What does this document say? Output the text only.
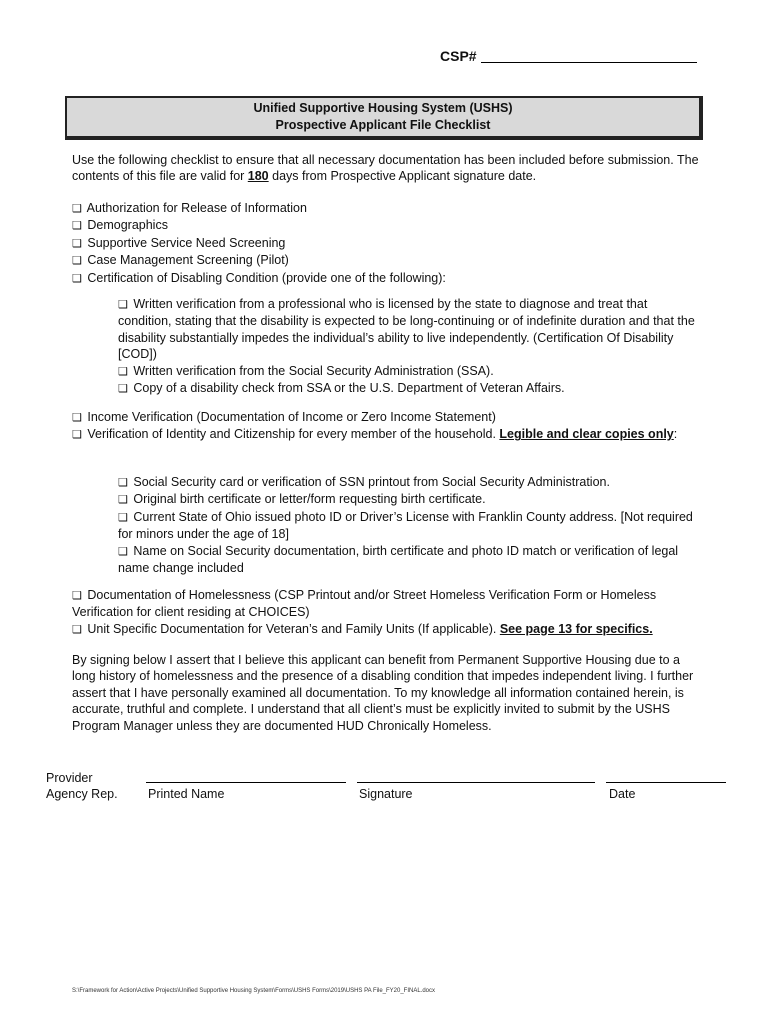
CSP#
Unified Supportive Housing System (USHS)
Prospective Applicant File Checklist

Use the following checklist to ensure that all necessary documentation has been included before submission. The contents of this file are valid for 180 days from Prospective Applicant signature date.

❑ Authorization for Release of Information
❑ Demographics
❑ Supportive Service Need Screening
❑ Case Management Screening (Pilot)
❑ Certification of Disabling Condition (provide one of the following):
❑ Written verification from a professional who is licensed by the state to diagnose and treat that condition, stating that the disability is expected to be long-continuing or of indefinite duration and that the disability substantially impedes the individual’s ability to live independently. (Certification Of Disability [COD])
❑ Written verification from the Social Security Administration (SSA).
❑ Copy of a disability check from SSA or the U.S. Department of Veteran Affairs.
❑ Income Verification (Documentation of Income or Zero Income Statement)
❑ Verification of Identity and Citizenship for every member of the household. Legible and clear copies only:
❑ Social Security card or verification of SSN printout from Social Security Administration.
❑ Original birth certificate or letter/form requesting birth certificate.
❑ Current State of Ohio issued photo ID or Driver’s License with Franklin County address. [Not required for minors under the age of 18]
❑ Name on Social Security documentation, birth certificate and photo ID match or verification of legal name change included
❑ Documentation of Homelessness (CSP Printout and/or Street Homeless Verification Form or Homeless Verification for client residing at CHOICES)
❑ Unit Specific Documentation for Veteran’s and Family Units (If applicable). See page 13 for specifics.

By signing below I assert that I believe this applicant can benefit from Permanent Supportive Housing due to a long history of homelessness and the presence of a disabling condition that impedes independent living. I further assert that I have personally examined all documentation. To my knowledge all information contained herein, is accurate, truthful and complete. I understand that all client’s must be explicitly invited to submit by the USHS Program Manager unless they are documented HUD Chronically Homeless.

Provider
Agency Rep. Printed Name	Signature	Date
S:\Framework for Action\Active Projects\Unified Supportive Housing System\Forms\USHS Forms\2019\USHS PA File_FY20_FINAL.docx
